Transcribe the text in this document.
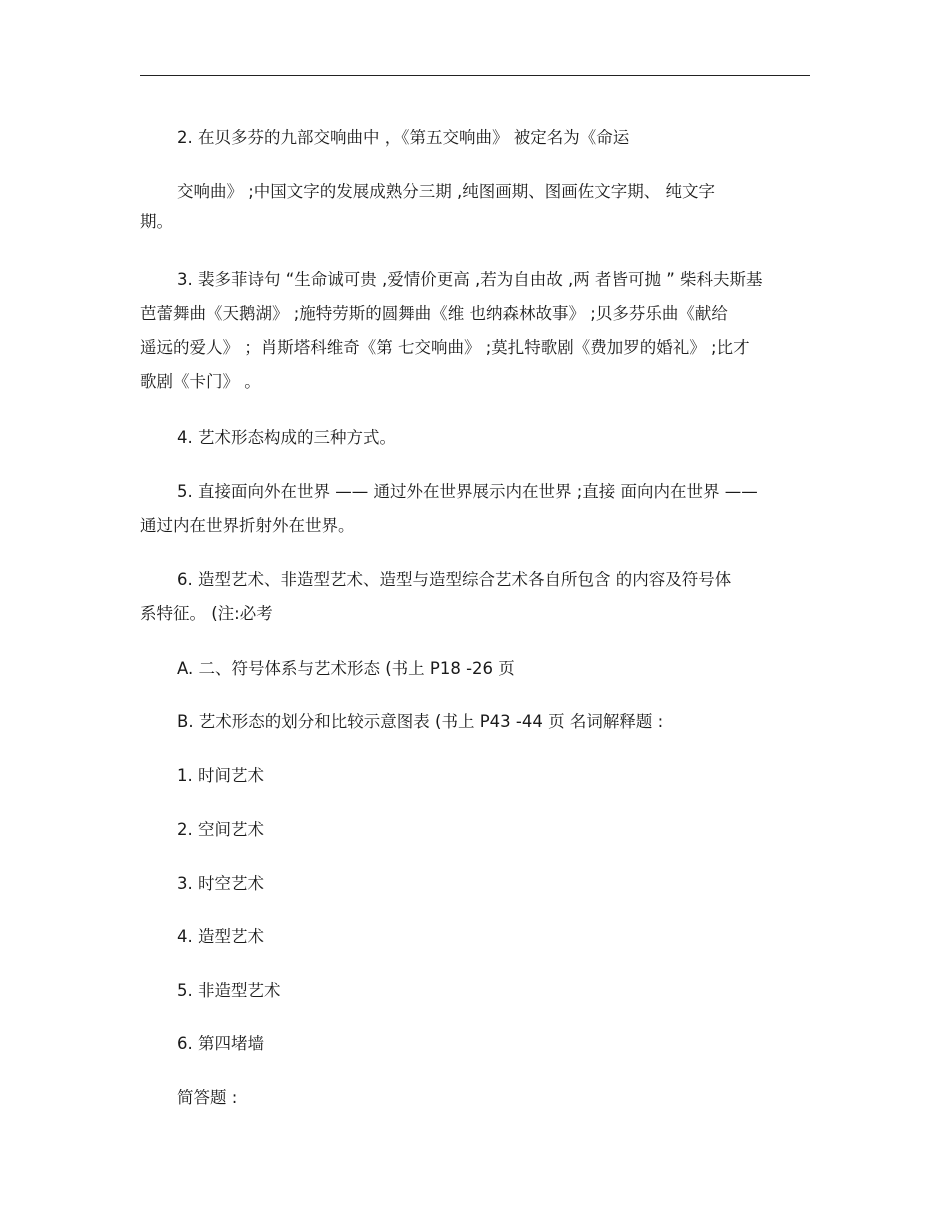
2. 在贝多芬的九部交响曲中 ，《第五交响曲》 被定名为《命运
交响曲》 ;中国文字的发展成熟分三期 ,纯图画期、图画佐文字期、 纯文字
期。
3. 裴多菲诗句 “生命诚可贵 ,爱情价更高 ,若为自由故 ,两 者皆可抛 ” 柴科夫斯基
芭蕾舞曲《天鹅湖》 ;施特劳斯的圆舞曲《维 也纳森林故事》 ;贝多芬乐曲《献给
遥远的爱人》 ；肖斯塔科维奇《第 七交响曲》 ;莫扎特歌剧《费加罗的婚礼》 ;比才
歌剧《卡门》 。
4. 艺术形态构成的三种方式。
5. 直接面向外在世界 —— 通过外在世界展示内在世界 ;直接 面向内在世界 ——
通过内在世界折射外在世界。
6. 造型艺术、非造型艺术、造型与造型综合艺术各自所包含 的内容及符号体
系特征。 (注:必考
A. 二、符号体系与艺术形态 (书上 P18 -26 页
B. 艺术形态的划分和比较示意图表 (书上 P43 -44 页 名词解释题 :
1. 时间艺术
2. 空间艺术
3. 时空艺术
4. 造型艺术
5. 非造型艺术
6. 第四堵墙
简答题 :
